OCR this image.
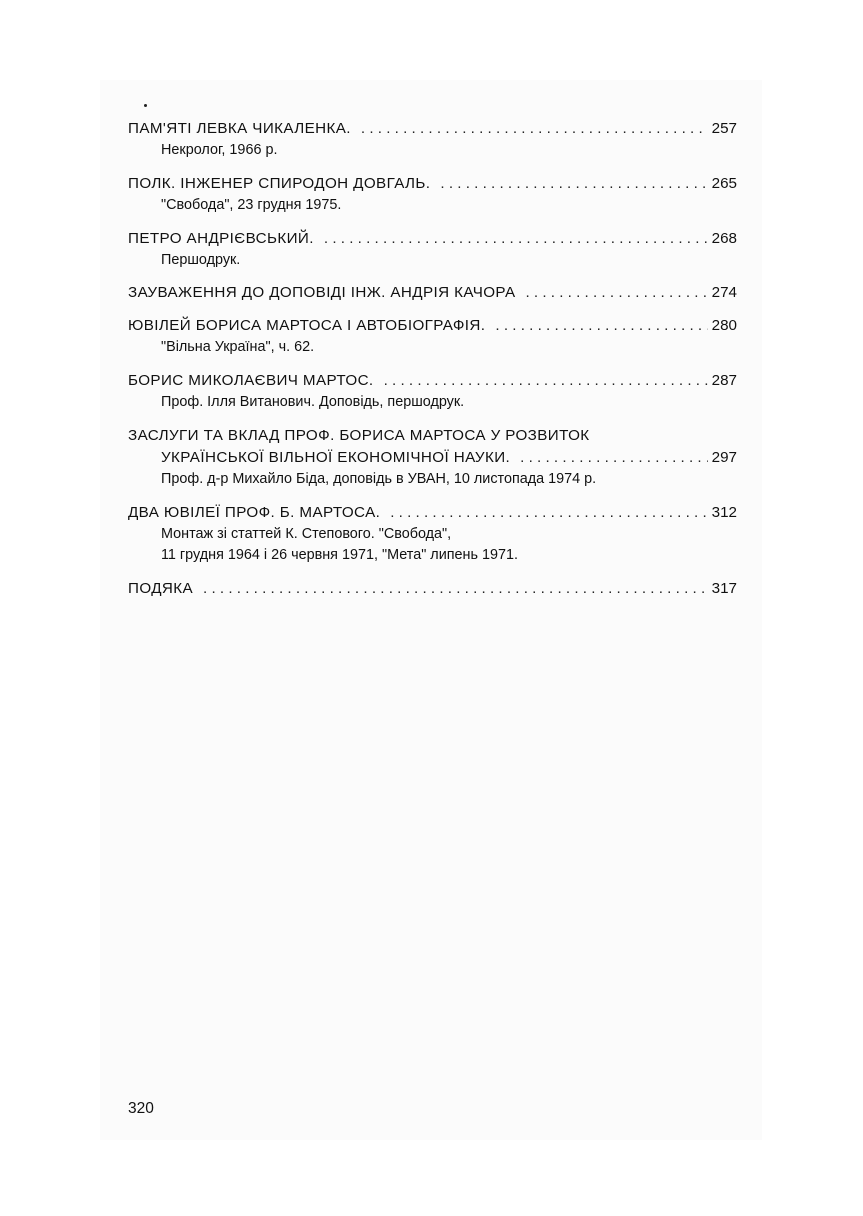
ПАМ'ЯТІ ЛЕВКА ЧИКАЛЕНКА. . . .	257
Некролог, 1966 р.
ПОЛК. ІНЖЕНЕР СПИРОДОН ДОВГАЛЬ. . . .	265
"Свобода", 23 грудня 1975.
ПЕТРО АНДРІЄВСЬКИЙ. . . .	268
Першодрук.
ЗАУВАЖЕННЯ ДО ДОПОВІДІ ІНЖ. АНДРІЯ КАЧОРА . . .	274
ЮВІЛЕЙ БОРИСА МАРТОСА І АВТОБІОГРАФІЯ. . . .	280
"Вільна Україна", ч. 62.
БОРИС МИКОЛАЄВИЧ МАРТОС. . . .	287
Проф. Ілля Витанович. Доповідь, першодрук.
ЗАСЛУГИ ТА ВКЛАД ПРОФ. БОРИСА МАРТОСА У РОЗВИТОК
УКРАЇНСЬКОЇ ВІЛЬНОЇ ЕКОНОМІЧНОЇ НАУКИ. . . .	297
Проф. д-р Михайло Біда, доповідь в УВАН, 10 листопада 1974 р.
ДВА ЮВІЛЕЇ ПРОФ. Б. МАРТОСА. . . .	312
Монтаж зі статтей К. Степового. "Свобода",
11 грудня 1964 і 26 червня 1971, "Мета" липень 1971.
ПОДЯКА . . .	317
320
